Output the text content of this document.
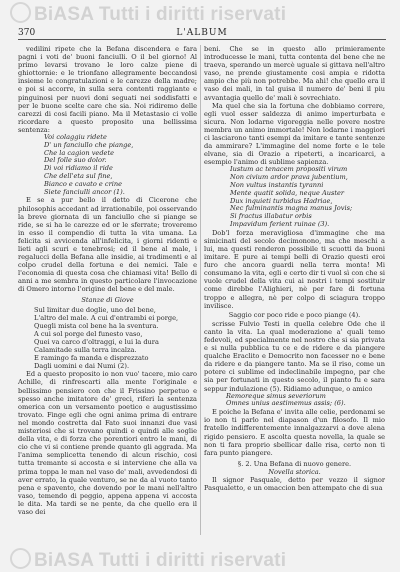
BiASA Tutti i diritti riservati
370	L'ALBUM

vedilini ripete che la Befana discendera e fara pagni i voti de' buoni fanciulli. O il bel giorno! Al primo levarsi trovano le loro calze piene di ghiottornie: e le trionfano allegramente beccandosi insieme le congratulazioni e le carezze della madre; e poi si accorre, in sulla sera contenti raggiante e pinguinosi per nuovi doni seguati nei soddisfatti e per le buone scelte care che sia. Noi ridiremo delle carezzi di cosi facili piano. Ma il Metastasio ci volle ricordare a questo proposito una bellissima sentenza:

Voi colaggiu ridete
D' un fanciullo che piange,
Che la cagion vedete
Del folle suo dolor.
Di voi ridiamo il ride
Che dell'eta sul fine,
Bianco e cavato e crine
Siete fanciulli ancor (1).

E se a pur bello il detto di Cicerone che philosophis accedant ad irrationabile, poi osservando la breve giornata di un fanciullo che si piange se ride, se si ha le carezze ed or le sferrate; troveremo in esso il compendio di tutta la vita umana. La felicita si avvicenda all'infelicita, i giorni ridenti e lieti agli scuri e tenebrosi; ed il bene al male, i regalucci della Befana alle insidie, ai tradimenti e al colpo crudel della fortuna e dei nemici. Tale e l'economia di questa cosa che chiamasi vita! Bello di anni a me sembra in questo particolare l'invocazione di Omero intorno l'origine del bene e del male.

Stanze di Giove
Sul limitar due doglie, uno del bene,
L'altro del male. A cui d'entrambi ei porge,
Quegli mista col bene ha la sventura.
A cui sol porge del funesto vaso,
Quei va carco d'oltraggi, e lui la dura
Calamitade sulla terra incalza.
E ramingo fa manda e disprezzato
Dagli uomini e dai Numi (2).

Ed a questo proposito io non vuo' tacere, mio caro Achille, di rinfrescarti alla mente l'originale e bellissimo pensiero con che il Frissino perpetuo e spesso anche imitatore de' greci, riferi la sentenza omerica con un versamento poetico e augustissimo trovato. Finge egli che ogni anima prima di entrare nel mondo costretta dal Fato suoi innanzi due vasi misteriosi che si trovano quindi e quindi alle soglie della vita, e di forza che porentiori entro le mani, di cio che vi si contiene prende quanto gli aggrada. Ma l'anima semplicetta tenendo di alcun rischio, cosi tutta tremante si accosta e si interviene che alla va prima toppa le man nel vaso de' mali, avvedendosi di aver errato, la quale venturo, se ne da al vuoto tanto pena e spavento, che dovendo por le mani nell'altro vaso, temendo di peggio, appena appena vi accosta le dita. Ma tardi se ne pente, da che quello era il vaso dei

beni. Che se in questo allo primieramente introducesse le mani, tutta contenta del bene che ne traeva, sperando un mercè uguale si gittava nell'altro vaso, ne prende giustamente cosi ampia e ridotta ampio che più non potrebbe. Ma ahi! che quello era il vaso dei mali, in tal guisa il numero de' beni il piu avvantagia quello de' mali è sovrechiato.

Ma quel che sia la fortuna che dobbiamo correre, egli vuol esser saldezza di animo imperturbata e sicura. Non lodarne vigoreggia nelle povere nostre membra un animo immortale! Non lodarne i maggiori ci lasciarono tanti esempi da imitare e tante sentenze da ammirare? L'immagine del nome forte e le tele elvane, sia di Orazio a ripeterti, a incaricarci, a esempio l'animo di sublime sapienza.

Iustum ac tenacem propositi virum
Non civium ardor prava jubentium,
Non vultus instantis tyranni
Mente quatit solida, neque Auster
Dux inquieti turbidus Hadriae,
Nec fulminantis magna manus Jovis;
Si fractus illabatur orbis
Impavidum ferient ruinae (3).

Dob'l forza meravigliosa d'immagine che ma simicinati del secolo decimonono, ma che meschi a lui, ma questi renderon possibile ti scuotti da buoni imitare. E pure ai tempi belli di Orazio questi eroi furo che ancora guardi nella terra monta! Mi consumano la vita, egli e certo dir ti vuol sì con che si vuole crudel della vita cui ai nostri i tempi sostituir come direbbe l'Alighieri, nè per fare di fortuna troppo e allegra, nè per colpo di sciagura troppo invilisce.

Saggio cor poco ride e poco piange (4).

scrisse Fulvio Testi in quella celebre Ode che il canto la vita. La qual moderazione a' quali temo fedevoli, ed specialmente nel nostro che si sia privata e si nulla pubblica tu ce e de ridere e da piangere qualche Eraclito e Democrito non facesser no e bene da ridere e da piangere tanto. Ma se il riso, come un potere ci sublime ed indeclinabile impegno, par che sia per fortunati in questo secolo, il pianto fu e sara seppur indulazione (5). Ridiamo adunque, o amico

Remoreque simus severiorum
Omnes unius aestimemus assis; (6).

E poiche la Befana e' invita alle celie, perdonami se io non ti parlo nel diapason d'un filosofo. Il mio fratello indifferentemente innalgazzarvi a dove alena rigido pensiero. E ascolta questa novella, la quale se non ti fara proprio sbellicar dalle risa, certo non ti fara punto piangere.

§. 2. Una Befana di nuovo genere.
Novella storica.

Il signor Pasquale, detto per vezzo il signor Pasqualetto, e un omaccion ben attempato che di sua

BiASA Tutti i diritti riservati
